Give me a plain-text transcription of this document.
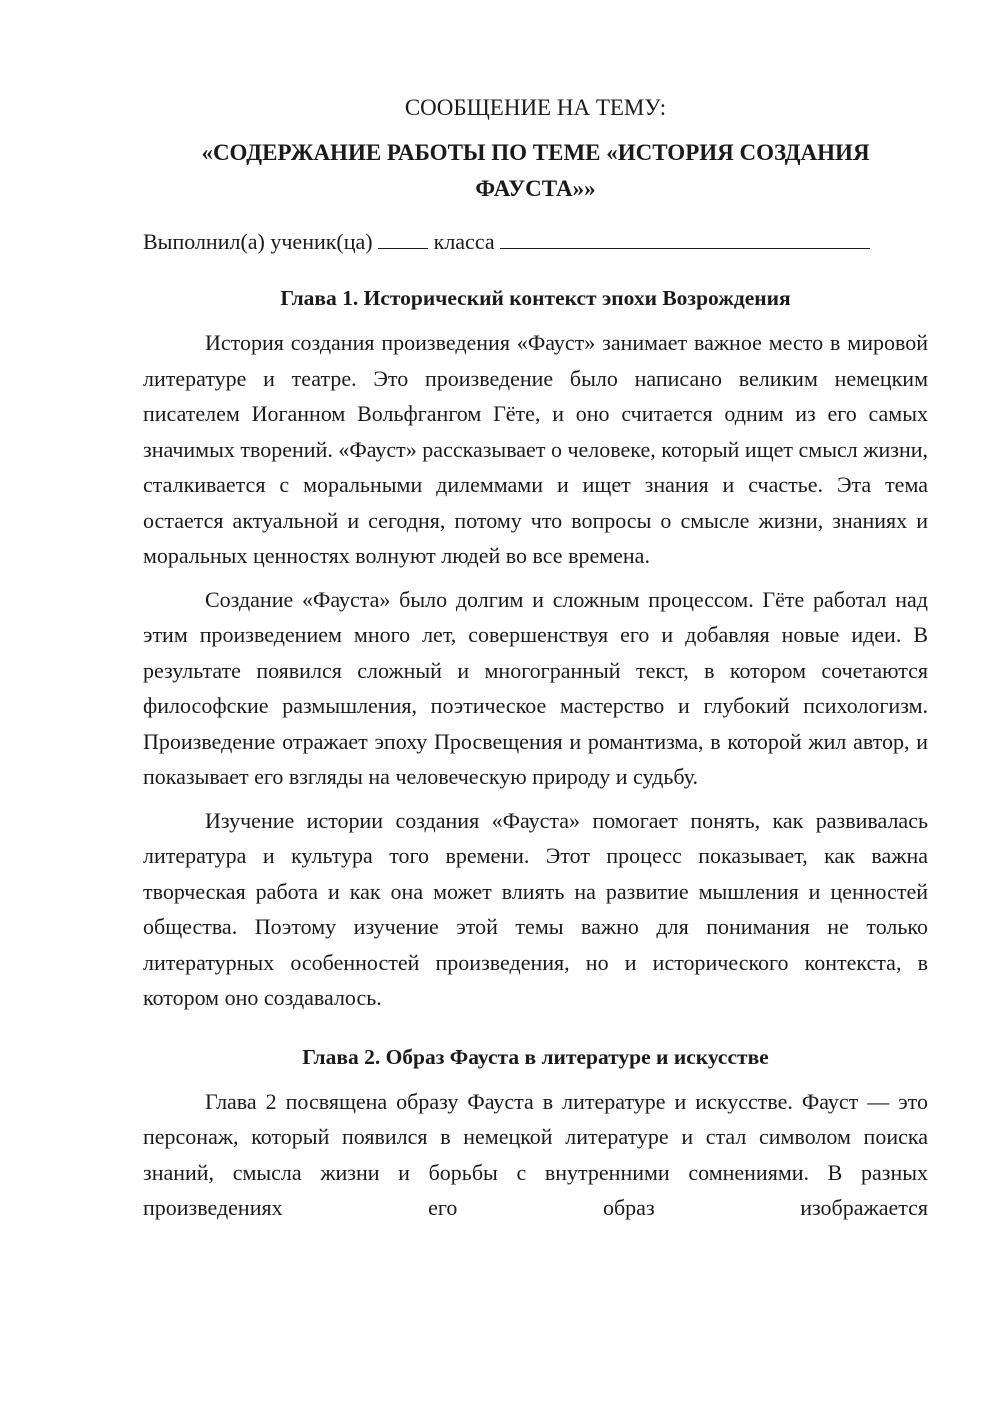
СООБЩЕНИЕ НА ТЕМУ:

«СОДЕРЖАНИЕ РАБОТЫ ПО ТЕМЕ «ИСТОРИЯ СОЗДАНИЯ
ФАУСТА»»
Выполнил(а) ученик(ца)	класса
Глава 1. Исторический контекст эпохи Возрождения

История создания произведения «Фауст» занимает важное место в мировой литературе и театре. Это произведение было написано великим немецким писателем Иоганном Вольфгангом Гёте, и оно считается одним из его самых значимых творений. «Фауст» рассказывает о человеке, который ищет смысл жизни, сталкивается с моральными дилеммами и ищет знания и счастье. Эта тема остается актуальной и сегодня, потому что вопросы о смысле жизни, знаниях и моральных ценностях волнуют людей во все времена.

Создание «Фауста» было долгим и сложным процессом. Гёте работал над этим произведением много лет, совершенствуя его и добавляя новые идеи. В результате появился сложный и многогранный текст, в котором сочетаются философские размышления, поэтическое мастерство и глубокий психологизм. Произведение отражает эпоху Просвещения и романтизма, в которой жил автор, и показывает его взгляды на человеческую природу и судьбу.

Изучение истории создания «Фауста» помогает понять, как развивалась литература и культура того времени. Этот процесс показывает, как важна творческая работа и как она может влиять на развитие мышления и ценностей общества. Поэтому изучение этой темы важно для понимания не только литературных особенностей произведения, но и исторического контекста, в котором оно создавалось.

Глава 2. Образ Фауста в литературе и искусстве

Глава 2 посвящена образу Фауста в литературе и искусстве. Фауст — это персонаж, который появился в немецкой литературе и стал символом поиска знаний, смысла жизни и борьбы с внутренними сомнениями. В разных произведениях его образ изображается
